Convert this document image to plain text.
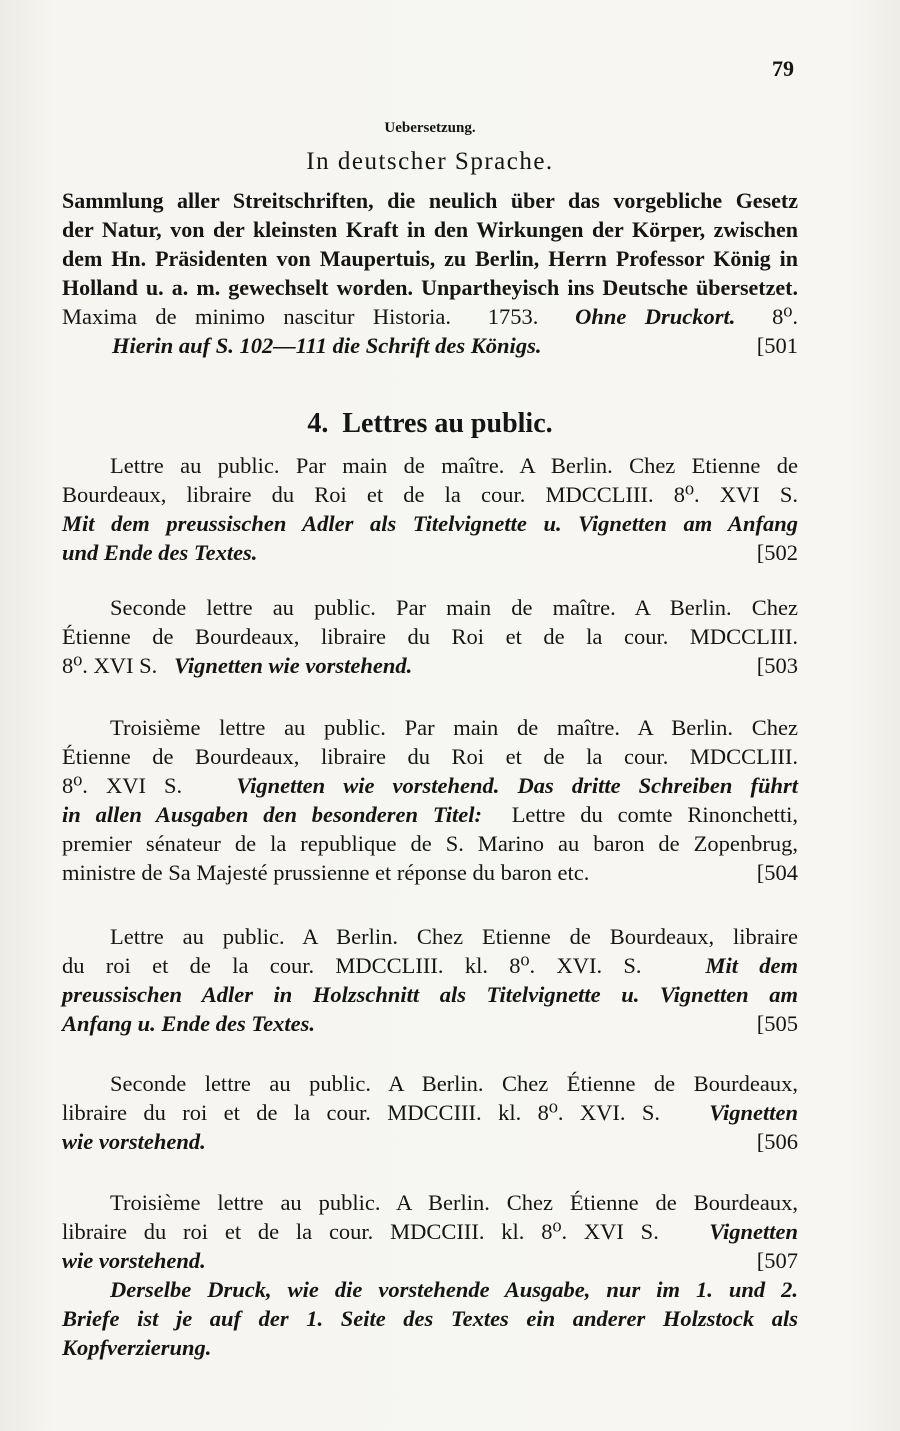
79
Uebersetzung.
In deutscher Sprache.
Sammlung aller Streitschriften, die neulich über das vorgebliche Gesetz
der Natur, von der kleinsten Kraft in den Wirkungen der Körper, zwischen
dem Hn. Präsidenten von Maupertuis, zu Berlin, Herrn Professor König in
Holland u. a. m. gewechselt worden. Unpartheyisch ins Deutsche übersetzet.
Maxima de minimo nascitur Historia. 1753. Ohne Druckort. 8⁰.
Hierin auf S. 102—111 die Schrift des Königs.	[501
4. Lettres au public.
Lettre au public. Par main de maître. A Berlin. Chez Etienne de
Bourdeaux, libraire du Roi et de la cour. MDCCLIII. 8⁰. XVI S.
Mit dem preussischen Adler als Titelvignette u. Vignetten am Anfang
und Ende des Textes.	[502
Seconde lettre au public. Par main de maître. A Berlin. Chez
Étienne de Bourdeaux, libraire du Roi et de la cour. MDCCLIII.
8⁰. XVI S. Vignetten wie vorstehend.	[503
Troisième lettre au public. Par main de maître. A Berlin. Chez
Étienne de Bourdeaux, libraire du Roi et de la cour. MDCCLIII.
8⁰. XVI S. Vignetten wie vorstehend. Das dritte Schreiben führt
in allen Ausgaben den besonderen Titel: Lettre du comte Rinonchetti,
premier sénateur de la republique de S. Marino au baron de Zopenbrug,
ministre de Sa Majesté prussienne et réponse du baron etc.	[504
Lettre au public. A Berlin. Chez Etienne de Bourdeaux, libraire
du roi et de la cour. MDCCLIII. kl. 8⁰. XVI. S.	Mit dem
preussischen Adler in Holzschnitt als Titelvignette u. Vignetten am
Anfang u. Ende des Textes.	[505
Seconde lettre au public. A Berlin. Chez Étienne de Bourdeaux,
libraire du roi et de la cour. MDCCIII. kl. 8⁰. XVI. S. Vignetten
wie vorstehend.	[506
Troisième lettre au public. A Berlin. Chez Étienne de Bourdeaux,
libraire du roi et de la cour. MDCCIII. kl. 8⁰. XVI S. Vignetten
wie vorstehend.	[507
Derselbe Druck, wie die vorstehende Ausgabe, nur im 1. und 2.
Briefe ist je auf der 1. Seite des Textes ein anderer Holzstock als
Kopfverzierung.
